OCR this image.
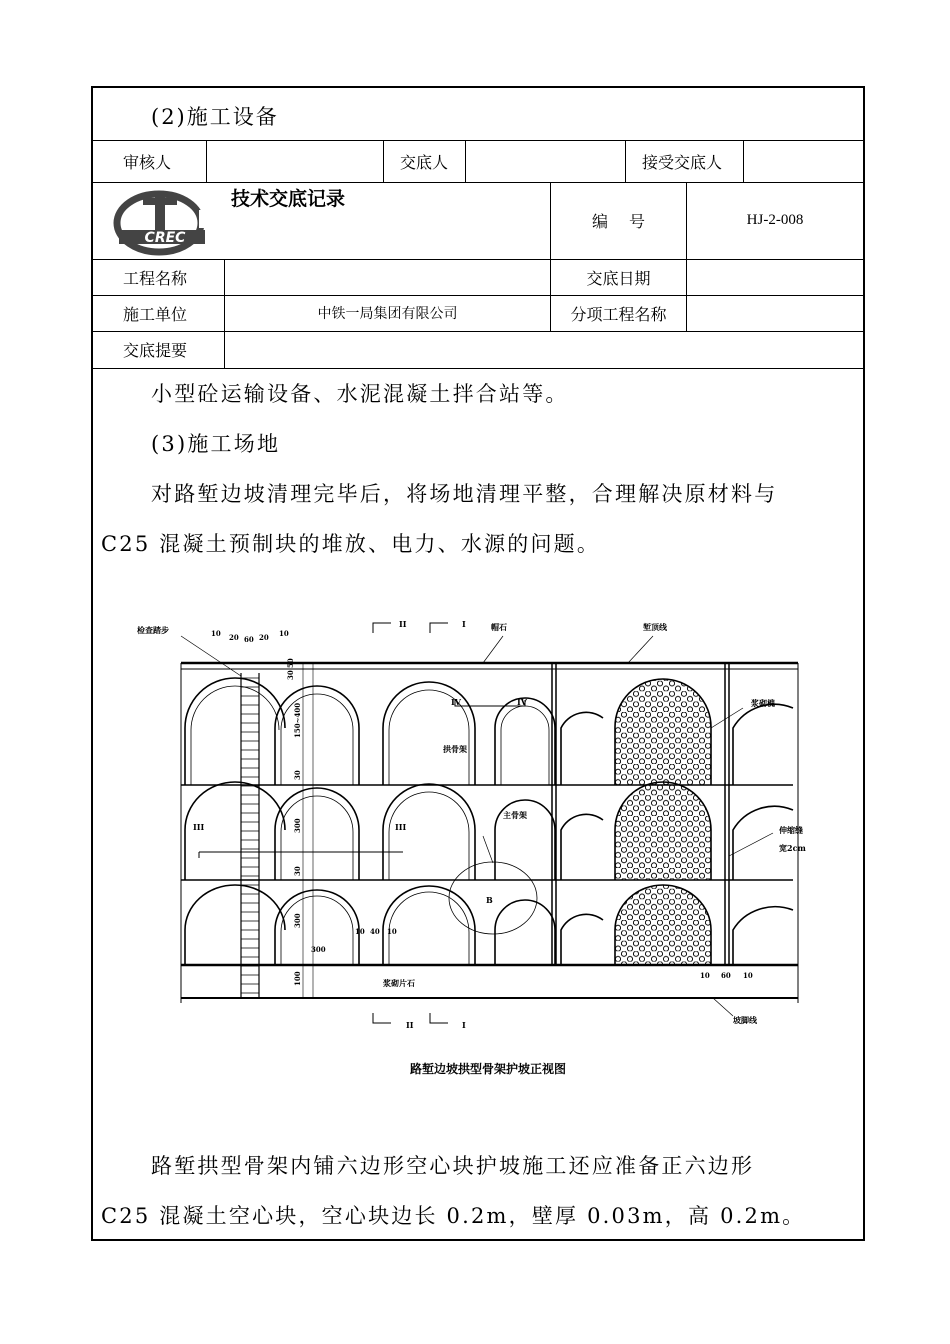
(2)施工设备
审核人	交底人	接受交底人
CREC
技术交底记录
编　 号	HJ-2-008
工程名称	交底日期
施工单位	中铁一局集团有限公司	分项工程名称
交底提要
小型砼运输设备、水泥混凝土拌合站等。
(3)施工场地
对路堑边坡清理完毕后，将场地清理平整，合理解决原材料与
C25 混凝土预制块的堆放、电力、水源的问题。
检查踏步	帽石	堑顶线
浆砌槐
拱骨架
主骨架
伸缩缝
宽2cm
浆砌片石
坡脚线
II	I
II	I
III	III
IV	IV
B
10 20 60 20 10
30
50
150~400
30
300
30
300
100
300
10 40 10
10 60 10
路堑边坡拱型骨架护坡正视图
路堑拱型骨架内铺六边形空心块护坡施工还应准备正六边形
C25 混凝土空心块，空心块边长 0.2m，壁厚 0.03m，高 0.2m。
